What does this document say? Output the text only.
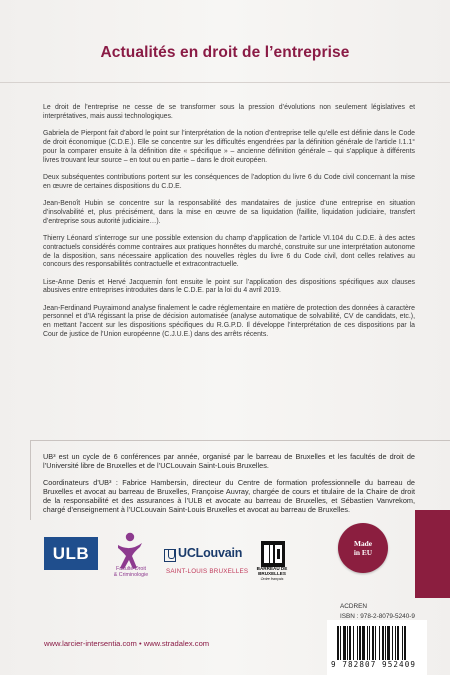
Actualités en droit de l’entreprise

Le droit de l’entreprise ne cesse de se transformer sous la pression d’évolutions non seulement législatives et interprétatives, mais aussi technologiques.

Gabriela de Pierpont fait d’abord le point sur l’interprétation de la notion d’entreprise telle qu’elle est définie dans le Code de droit économique (C.D.E.). Elle se concentre sur les difficultés engendrées par la définition générale de l’article I.1.1° pour la comparer ensuite à la définition dite « spécifique » – ancienne définition générale – qui s’applique à différents livres trouvant leur source – en tout ou en partie – dans le droit européen.

Deux subséquentes contributions portent sur les conséquences de l’adoption du livre 6 du Code civil concernant la mise en œuvre de certaines dispositions du C.D.E.

Jean-Benoît Hubin se concentre sur la responsabilité des mandataires de justice d’une entreprise en situation d’insolvabilité et, plus précisément, dans la mise en œuvre de sa liquidation (faillite, liquidation judiciaire, transfert d’entreprise sous autorité judiciaire…).

Thierry Léonard s’interroge sur une possible extension du champ d’application de l’article VI.104 du C.D.E. à des actes contractuels considérés comme contraires aux pratiques honnêtes du marché, construite sur une interprétation autonome de la disposition, sans nécessaire application des nouvelles règles du livre 6 du Code civil, dont celles relatives au concours des responsabilités contractuelle et extracontractuelle.

Lise-Anne Denis et Hervé Jacquemin font ensuite le point sur l’application des dispositions spécifiques aux clauses abusives entre entreprises introduites dans le C.D.E. par la loi du 4 avril 2019.

Jean-Ferdinand Puyraimond analyse finalement le cadre réglementaire en matière de protection des données à caractère personnel et d’IA régissant la prise de décision automatisée (analyse automatique de solvabilité, CV de candidats, etc.), en mettant l’accent sur les dispositions spécifiques du R.G.P.D. Il développe l’interprétation de ces dispositions par la Cour de justice de l’Union européenne (C.J.U.E.) dans des arrêts récents.

UB³ est un cycle de 6 conférences par année, organisé par le barreau de Bruxelles et les facultés de droit de l’Université libre de Bruxelles et de l’UCLouvain Saint-Louis Bruxelles.

Coordinateurs d’UB³ : Fabrice Hambersin, directeur du Centre de formation professionnelle du barreau de Bruxelles et avocat au barreau de Bruxelles, Françoise Auvray, chargée de cours et titulaire de la Chaire de droit de la responsabilité et des assurances à l’ULB et avocate au barreau de Bruxelles, et Sébastien Vanvrekom, chargé d’enseignement à l’UCLouvain Saint-Louis Bruxelles et avocat au barreau de Bruxelles.

Made
in EU
ULB
Faculté Droit
& Criminologie
UCLouvain
SAINT-LOUIS BRUXELLES	BARREAU DE
BRUXELLES
Ordre français
ACDREN
ISBN : 978-2-8079-5240-9
www.larcier-intersentia.com • www.stradalex.com
9 782807 952409
